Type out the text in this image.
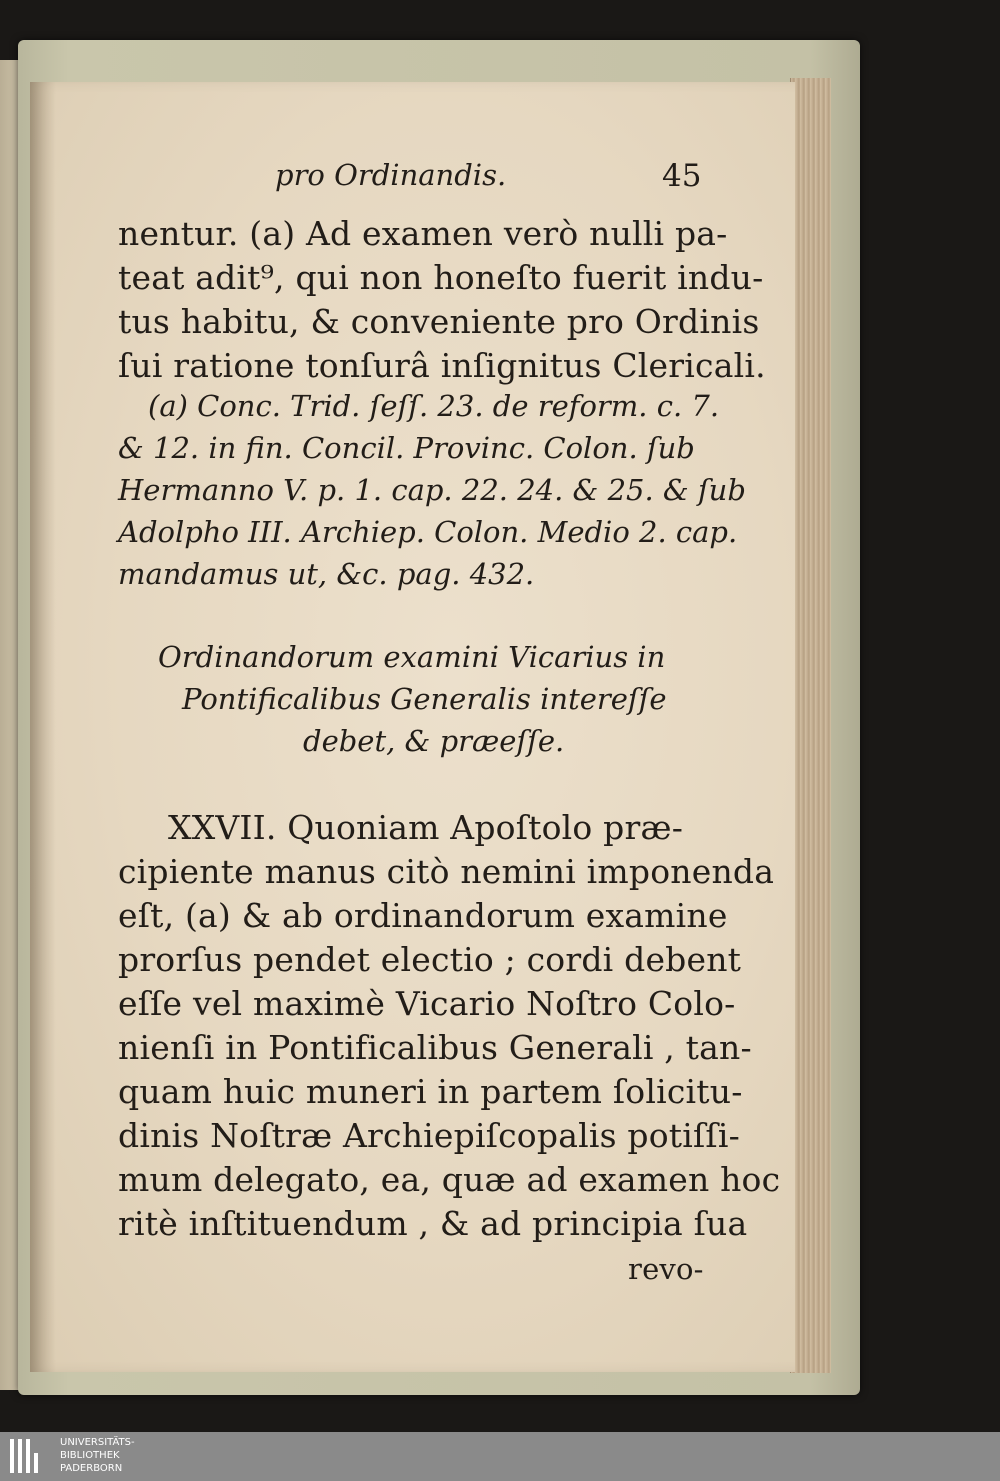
pro Ordinandis.	45
nentur. (a) Ad examen verò nulli pa-
teat adit⁹, qui non honeſto fuerit indu-
tus habitu, & conveniente pro Ordinis
ſui ratione tonſurâ inſignitus Clericali.
(a) Conc. Trid. ſeſſ. 23. de reform. c. 7.
& 12. in fin. Concil. Provinc. Colon. ſub
Hermanno V. p. 1. cap. 22. 24. & 25. & ſub
Adolpho III. Archiep. Colon. Medio 2. cap.
mandamus ut, &c. pag. 432.
Ordinandorum examini Vicarius in
Pontificalibus Generalis intereſſe
debet, & præeſſe.
XXVII. Quoniam Apoſtolo præ-
cipiente manus citò nemini imponenda
eſt, (a) & ab ordinandorum examine
prorſus pendet electio ; cordi debent
eſſe vel maximè Vicario Noſtro Colo-
nienſi in Pontificalibus Generali , tan-
quam huic muneri in partem ſolicitu-
dinis Noſtræ Archiepiſcopalis potiſſi-
mum delegato, ea, quæ ad examen hoc
ritè inſtituendum , & ad principia ſua
revo-
UNIVERSITÄTS-
BIBLIOTHEK
PADERBORN
